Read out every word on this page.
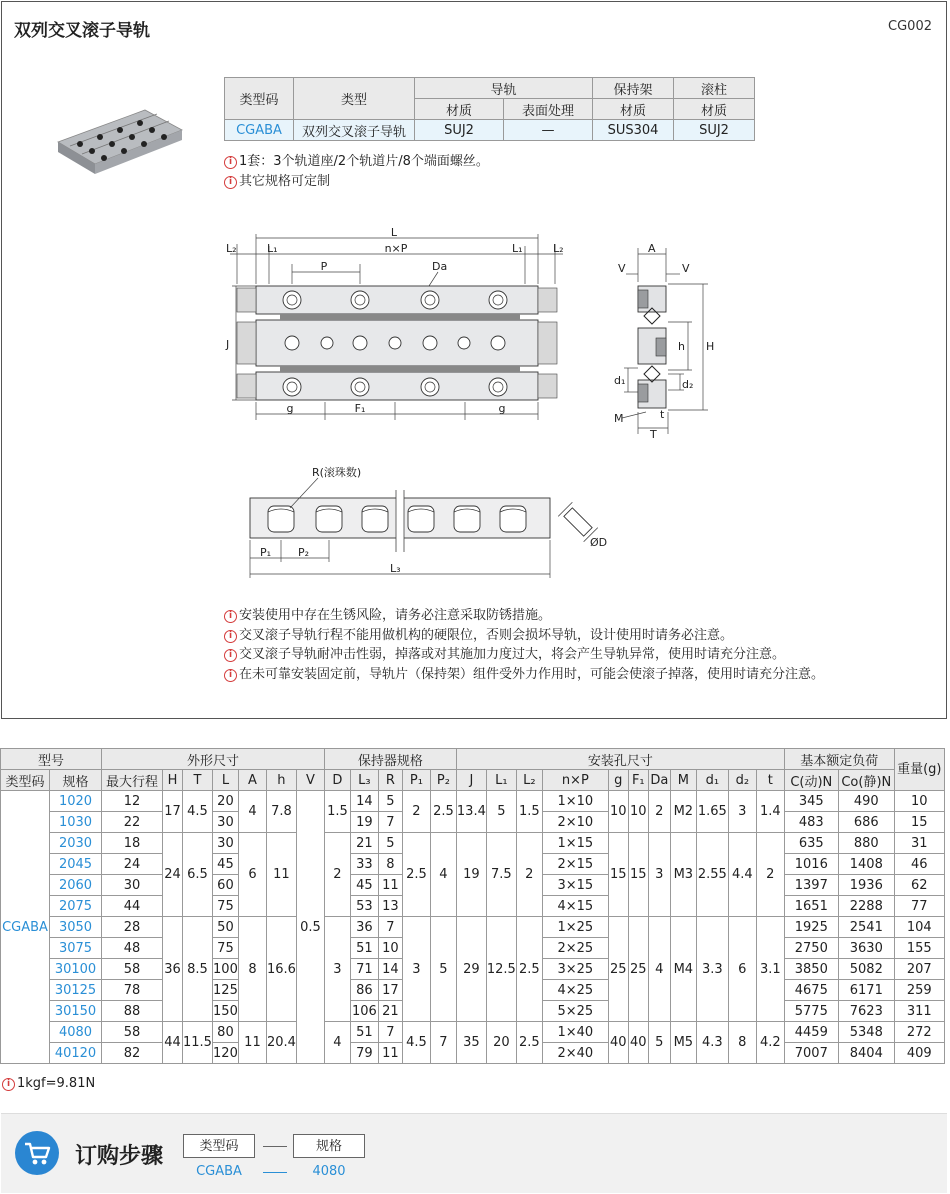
双列交叉滚子导轨	CG002
类型码	类型	导轨		保持架	滚柱
		材质	表面处理	材质	材质
CGABA	双列交叉滚子导轨	SUJ2	—	SUS304	SUJ2
i 1套：3个轨道座/2个轨道片/8个端面螺丝。
i 其它规格可定制
L
L₂	L₁	n×P	L₁	L₂
P	Da
J
g	F₁	g
A
V	V
h H
d₁	d₂
M	t
T
R(滚珠数)
P₁ P₂
L₃
ØD
i 安装使用中存在生锈风险，请务必注意采取防锈措施。
i 交叉滚子导轨行程不能用做机构的硬限位，否则会损坏导轨，设计使用时请务必注意。
i 交叉滚子导轨耐冲击性弱，掉落或对其施加力度过大，将会产生导轨异常，使用时请充分注意。
i 在未可靠安装固定前，导轨片（保持架）组件受外力作用时，可能会使滚子掉落，使用时请充分注意。
型号		外形尺寸							保持器规格					安装孔尺寸											基本额定负荷		重量(g)
类型码	规格	最大行程	H	T	L	A	h	V	D	L₃	R	P₁	P₂	J	L₁	L₂	n×P	g	F₁	Da	M	d₁	d₂	t	C(动)N	Co(静)N	
CGABA	1020	12	17	4.5	20	4	7.8	0.5	1.5	14	5	2	2.5	13.4	5	1.5	1×10	10	10	2	M2	1.65	3	1.4	345	490	10
	1030	22			30					19	7						2×10								483	686	15
	2030	18	24	6.5	30	6	11		2	21	5	2.5	4	19	7.5	2	1×15	15	15	3	M3	2.55	4.4	2	635	880	31
	2045	24			45					33	8						2×15								1016	1408	46
	2060	30			60					45	11						3×15								1397	1936	62
	2075	44			75					53	13						4×15								1651	2288	77
	3050	28	36	8.5	50	8	16.6		3	36	7	3	5	29	12.5	2.5	1×25	25	25	4	M4	3.3	6	3.1	1925	2541	104
	3075	48			75					51	10						2×25								2750	3630	155
	30100	58			100					71	14						3×25								3850	5082	207
	30125	78			125					86	17						4×25								4675	6171	259
	30150	88			150					106	21						5×25								5775	7623	311
	4080	58	44	11.5	80	11	20.4		4	51	7	4.5	7	35	20	2.5	1×40	40	40	5	M5	4.3	8	4.2	4459	5348	272
	40120	82			120					79	11						2×40								7007	8404	409
i 1kgf=9.81N
订购步骤	类型码	规格
CGABA	4080
